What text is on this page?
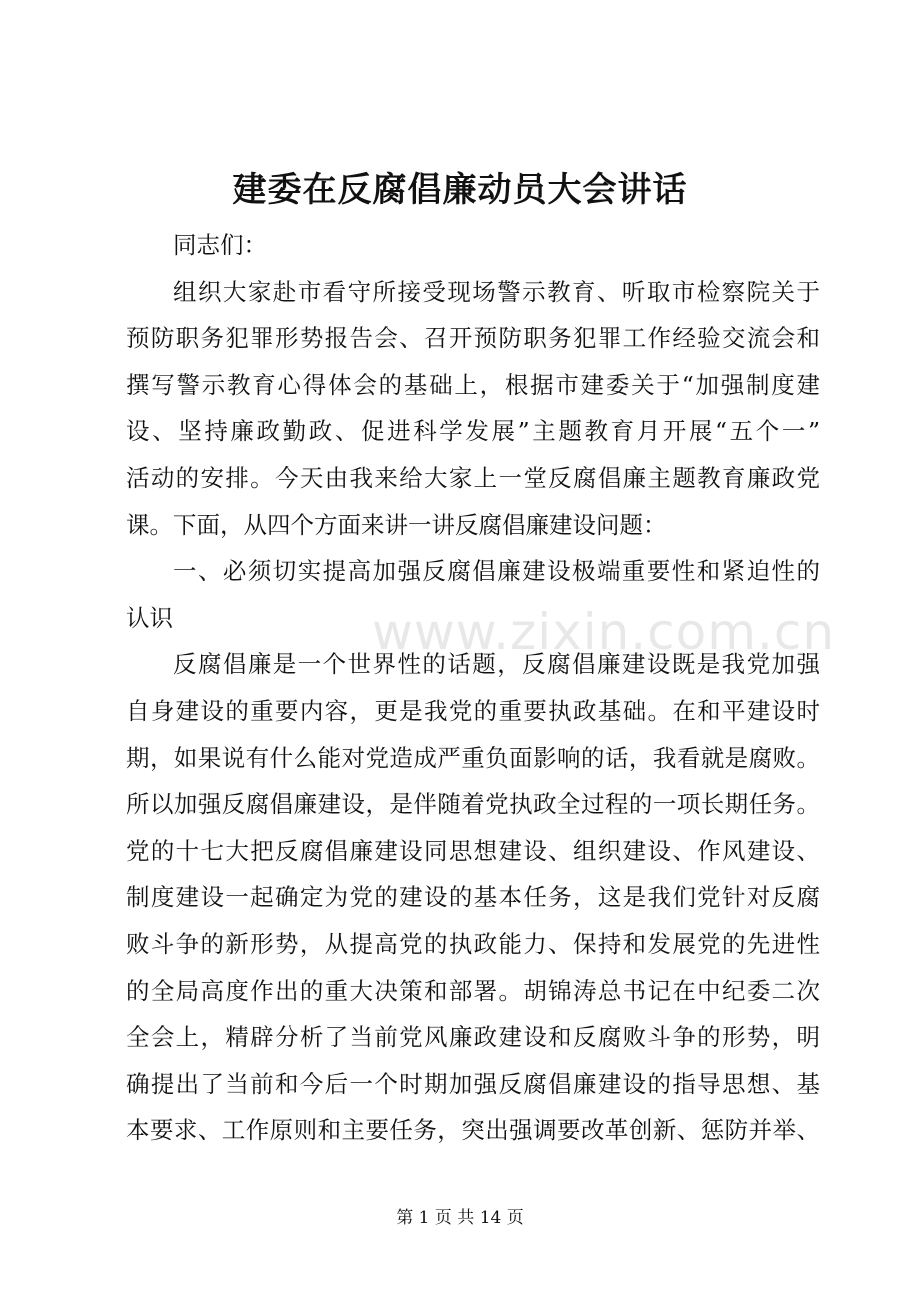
建委在反腐倡廉动员大会讲话
同志们：
组织大家赴市看守所接受现场警示教育、听取市检察院关于
预防职务犯罪形势报告会、召开预防职务犯罪工作经验交流会和
撰写警示教育心得体会的基础上，根据市建委关于“加强制度建
设、坚持廉政勤政、促进科学发展”主题教育月开展“五个一”
活动的安排。今天由我来给大家上一堂反腐倡廉主题教育廉政党
课。下面，从四个方面来讲一讲反腐倡廉建设问题：
一、必须切实提高加强反腐倡廉建设极端重要性和紧迫性的
认识
反腐倡廉是一个世界性的话题，反腐倡廉建设既是我党加强
自身建设的重要内容，更是我党的重要执政基础。在和平建设时
期，如果说有什么能对党造成严重负面影响的话，我看就是腐败。
所以加强反腐倡廉建设，是伴随着党执政全过程的一项长期任务。
党的十七大把反腐倡廉建设同思想建设、组织建设、作风建设、
制度建设一起确定为党的建设的基本任务，这是我们党针对反腐
败斗争的新形势，从提高党的执政能力、保持和发展党的先进性
的全局高度作出的重大决策和部署。胡锦涛总书记在中纪委二次
全会上，精辟分析了当前党风廉政建设和反腐败斗争的形势，明
确提出了当前和今后一个时期加强反腐倡廉建设的指导思想、基
本要求、工作原则和主要任务，突出强调要改革创新、惩防并举、
www.zixin.com.cn
第 1 页 共 14 页
